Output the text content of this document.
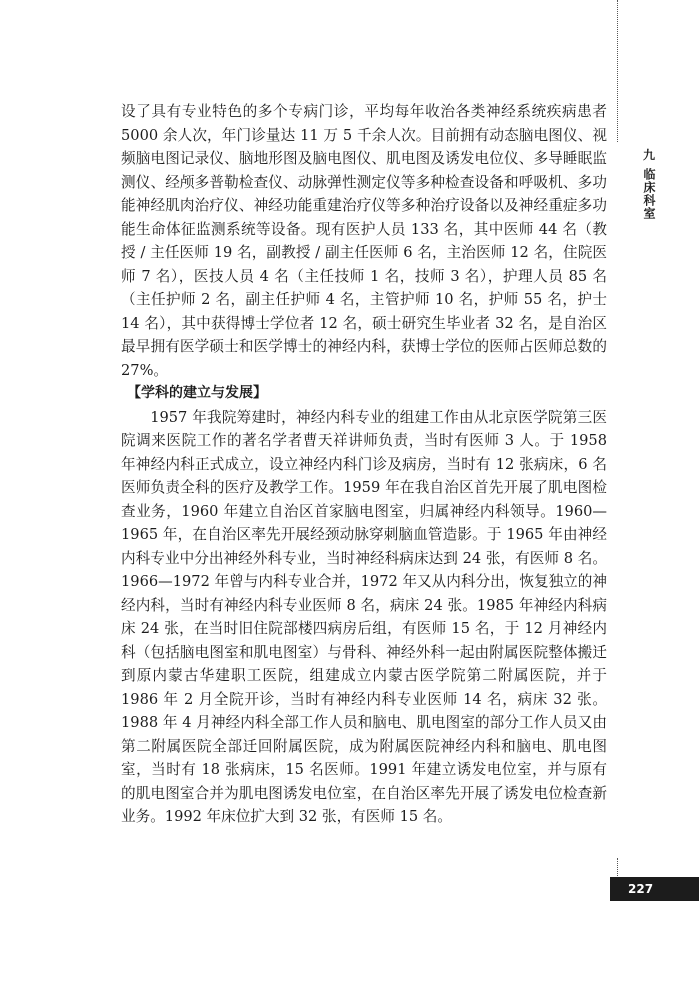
九
临床科室

设了具有专业特色的多个专病门诊，平均每年收治各类神经系统疾病患者 5000 余人次，年门诊量达 11 万 5 千余人次。目前拥有动态脑电图仪、视频脑电图记录仪、脑地形图及脑电图仪、肌电图及诱发电位仪、多导睡眠监测仪、经颅多普勒检查仪、动脉弹性测定仪等多种检查设备和呼吸机、多功能神经肌肉治疗仪、神经功能重建治疗仪等多种治疗设备以及神经重症多功能生命体征监测系统等设备。现有医护人员 133 名，其中医师 44 名（教授 / 主任医师 19 名，副教授 / 副主任医师 6 名，主治医师 12 名，住院医师 7 名），医技人员 4 名（主任技师 1 名，技师 3 名），护理人员 85 名（主任护师 2 名，副主任护师 4 名，主管护师 10 名，护师 55 名，护士 14 名），其中获得博士学位者 12 名，硕士研究生毕业者 32 名，是自治区最早拥有医学硕士和医学博士的神经内科，获博士学位的医师占医师总数的 27%。

【学科的建立与发展】

1957 年我院筹建时，神经内科专业的组建工作由从北京医学院第三医院调来医院工作的著名学者曹天祥讲师负责，当时有医师 3 人。于 1958 年神经内科正式成立，设立神经内科门诊及病房，当时有 12 张病床，6 名医师负责全科的医疗及教学工作。1959 年在我自治区首先开展了肌电图检查业务，1960 年建立自治区首家脑电图室，归属神经内科领导。1960—1965 年，在自治区率先开展经颈动脉穿刺脑血管造影。于 1965 年由神经内科专业中分出神经外科专业，当时神经科病床达到 24 张，有医师 8 名。1966—1972 年曾与内科专业合并，1972 年又从内科分出，恢复独立的神经内科，当时有神经内科专业医师 8 名，病床 24 张。1985 年神经内科病床 24 张，在当时旧住院部楼四病房后组，有医师 15 名，于 12 月神经内科（包括脑电图室和肌电图室）与骨科、神经外科一起由附属医院整体搬迁到原内蒙古华建职工医院，组建成立内蒙古医学院第二附属医院，并于 1986 年 2 月全院开诊，当时有神经内科专业医师 14 名，病床 32 张。1988 年 4 月神经内科全部工作人员和脑电、肌电图室的部分工作人员又由第二附属医院全部迁回附属医院，成为附属医院神经内科和脑电、肌电图室，当时有 18 张病床，15 名医师。1991 年建立诱发电位室，并与原有的肌电图室合并为肌电图诱发电位室，在自治区率先开展了诱发电位检查新业务。1992 年床位扩大到 32 张，有医师 15 名。

227
